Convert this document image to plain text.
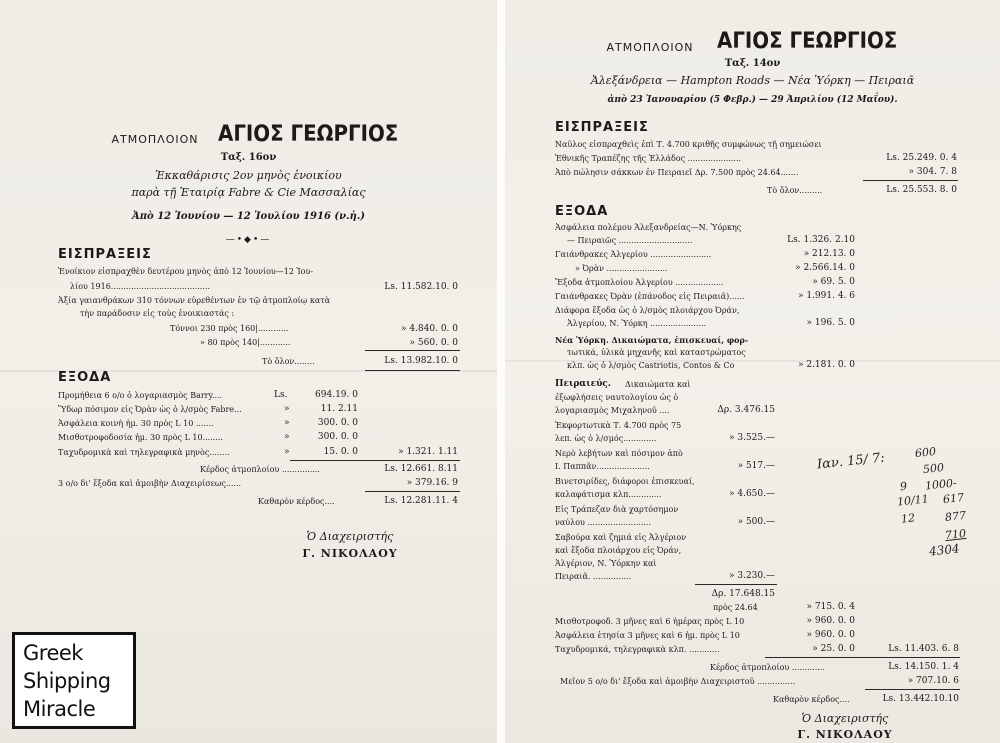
ΑΤΜΟΠΛΟΙΟΝ ΑΓΙΟΣ ΓΕΩΡΓΙΟΣ
Ταξ. 16ον
Ἐκκαθάρισις 2ον μηνὸς ἐνοικίου
παρὰ τῇ Ἑταιρίᾳ Fabre & Cie Μασσαλίας
Ἀπὸ 12 Ἰουνίου — 12 Ἰουλίου 1916 (ν.ἡ.)
—•◆•—
ΕΙΣΠΡΑΞΕΙΣ
Ἐνοίκιον εἰσπραχθὲν δευτέρου μηνὸς ἀπὸ 12 Ἰουνίου—12 Ἰου-
λίου 1916.......................................	Ls. 11.582.10. 0
Ἀξία γαιανθράκων 310 τόννων εὑρεθέντων ἐν τῷ ἀτμοπλοίῳ κατὰ
τὴν παράδοσιν εἰς τοὺς ἐνοικιαστάς :
Τόννοι 230 πρὸς 160|............	» 4.840. 0. 0
» 80 πρὸς 140|............	» 560. 0. 0
Τὸ ὅλον........	Ls. 13.982.10. 0
ΕΞΟΔΑ
Προμήθεια 6 ο/ο ὁ λογαριασμὸς Barry....	Ls.	694.19. 0
Ὕδωρ πόσιμον εἰς Ὀρὰν ὡς ὁ λ/σμὸς Fabre...	»	11. 2.11
Ἀσφάλεια κοινὴ ἡμ. 30 πρὸς L 10 .......	»	300. 0. 0
Μισθοτροφοδοσία ἡμ. 30 πρὸς L 10........	»	300. 0. 0
Ταχυδρομικὰ καὶ τηλεγραφικὰ μηνὸς........	»	15. 0. 0	» 1.321. 1.11
Κέρδος ἀτμοπλοίου ...............	Ls. 12.661. 8.11
3 ο/ο δι' ἔξοδα καὶ ἀμοιβὴν Διαχειρίσεως......	» 379.16. 9
Καθαρὸν κέρδος....	Ls. 12.281.11. 4
Ὁ Διαχειριστής
Γ. ΝΙΚΟΛΑΟΥ
Greek
Shipping
Miracle
ΑΤΜΟΠΛΟΙΟΝ	ΑΓΙΟΣ ΓΕΩΡΓΙΟΣ
Ταξ. 14ον
Ἀλεξάνδρεια — Hampton Roads — Νέα Ὑόρκη — Πειραιᾶ
ἀπὸ 23 Ἰανουαρίου (5 Φεβρ.) — 29 Ἀπριλίου (12 Μαΐου).
ΕΙΣΠΡΑΞΕΙΣ
Ναῦλος εἰσπραχθεὶς ἐπὶ Τ. 4.700 κριθῆς συμφώνως τῇ σημειώσει
Ἐθνικῆς Τραπέζης τῆς Ἑλλάδος .....................	Ls. 25.249. 0. 4
Ἀπὸ πώλησιν σάκκων ἐν Πειραιεῖ Δρ. 7.500 πρὸς 24.64.......	» 304. 7. 8
Τὸ ὅλον.........	Ls. 25.553. 8. 0
ΕΞΟΔΑ
Ἀσφάλεια πολέμου Ἀλεξανδρείας—Ν. Ὑόρκης
— Πειραιῶς .............................	Ls. 1.326. 2.10
Γαιάνθρακες Ἀλγερίου ........................	» 212.13. 0
» Ὀρὰν ........................	» 2.566.14. 0
Ἔξοδα ἀτμοπλοίου Ἀλγερίου ...................	» 69. 5. 0
Γαιάνθρακες Ὀρὰν (ἐπάνοδος εἰς Πειραιᾶ)......	» 1.991. 4. 6
Διάφορα ἔξοδα ὡς ὁ λ/σμὸς πλοιάρχου Ὀράν,
Ἀλγερίου, Ν. Ὑόρκη ......................	» 196. 5. 0
Νέα Ὑόρκη. Δικαιώματα, ἐπισκευαί, φορ-
τωτικά, ὑλικὰ μηχανῆς καὶ καταστρώματος
κλπ. ὡς ὁ λ/σμὸς Castriotis, Contos & Co	» 2.181. 0. 0
Πειραιεύς. Δικαιώματα καὶ
ἐξωφλήσεις ναυτολογίου ὡς ὁ
λογαριασμὸς Μιχαληνοῦ ....	Δρ. 3.476.15
Ἐκφορτωτικὰ Τ. 4.700 πρὸς 75
λεπ. ὡς ὁ λ/σμός.............	» 3.525.—
Νερὸ λεβήτων καὶ πόσιμον ἀπὸ
Ι. Παππᾶν.....................	» 517.—
Βινετσιρίδες, διάφοροι ἐπισκευαί,
καλαφάτισμα κλπ.............	» 4.650.—
Εἰς Τράπεζαν διὰ χαρτόσημον
ναύλου .........................	» 500.—
Σαβούρα καὶ ζημιά εἰς Ἀλγέριον
καὶ ἔξοδα πλοιάρχου εἰς Ὀράν,
Ἀλγέριον, Ν. Ὑόρκην καὶ
Πειραιᾶ. ...............	» 3.230.—
Δρ. 17.648.15
πρὸς 24.64	» 715. 0. 4
Μισθοτροφοδ. 3 μῆνες καὶ 6 ἡμέρας πρὸς L 10	» 960. 0. 0
Ἀσφάλεια ἐτησία 3 μῆνες καὶ 6 ἡμ. πρὸς L 10	» 960. 0. 0
Ταχυδρομικά, τηλεγραφικὰ κλπ. ............	» 25. 0. 0	Ls. 11.403. 6. 8
Κέρδος ἀτμοπλοίου .............	Ls. 14.150. 1. 4
Μεῖον 5 ο/ο δι' ἔξοδα καὶ ἀμοιβὴν Διαχειριστοῦ ...............	» 707.10. 6
Καθαρὸν κέρδος....	Ls. 13.442.10.10
Ὁ Διαχειριστής
Γ. ΝΙΚΟΛΑΟΥ
Ιαν. 15/ 7:	600
500
9 1000-
10/11 617
12	877
710
4304
